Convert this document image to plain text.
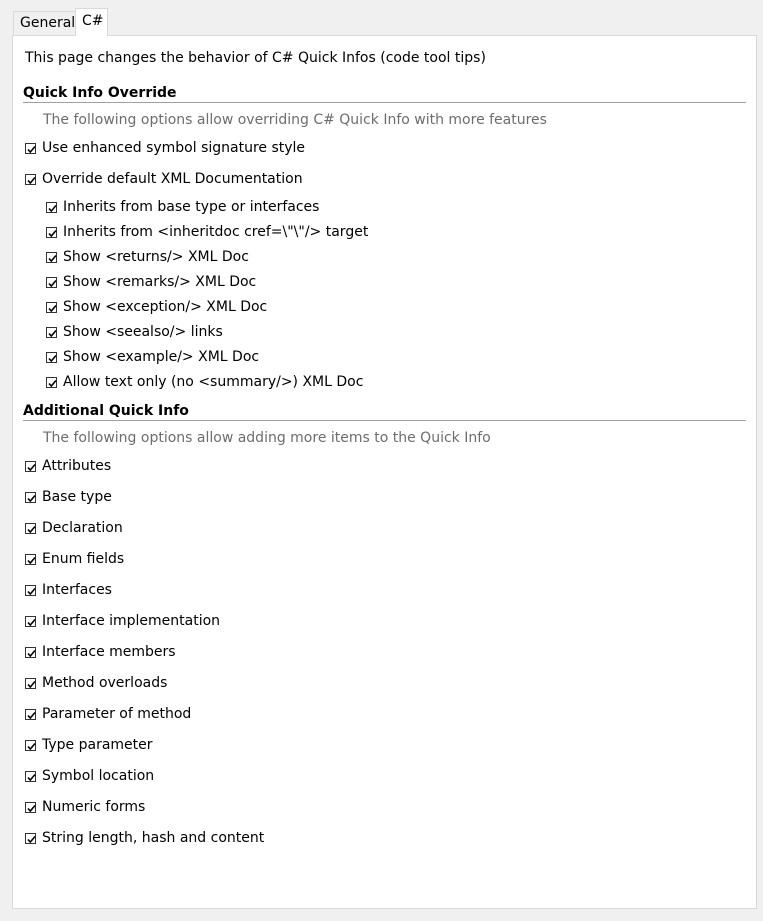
General C#
This page changes the behavior of C# Quick Infos (code tool tips)
Quick Info Override
The following options allow overriding C# Quick Info with more features
Use enhanced symbol signature style
Override default XML Documentation
Inherits from base type or interfaces
Inherits from <inheritdoc cref=\"\"/> target
Show <returns/> XML Doc
Show <remarks/> XML Doc
Show <exception/> XML Doc
Show <seealso/> links
Show <example/> XML Doc
Allow text only (no <summary/>) XML Doc
Additional Quick Info
The following options allow adding more items to the Quick Info
Attributes
Base type
Declaration
Enum fields
Interfaces
Interface implementation
Interface members
Method overloads
Parameter of method
Type parameter
Symbol location
Numeric forms
String length, hash and content
